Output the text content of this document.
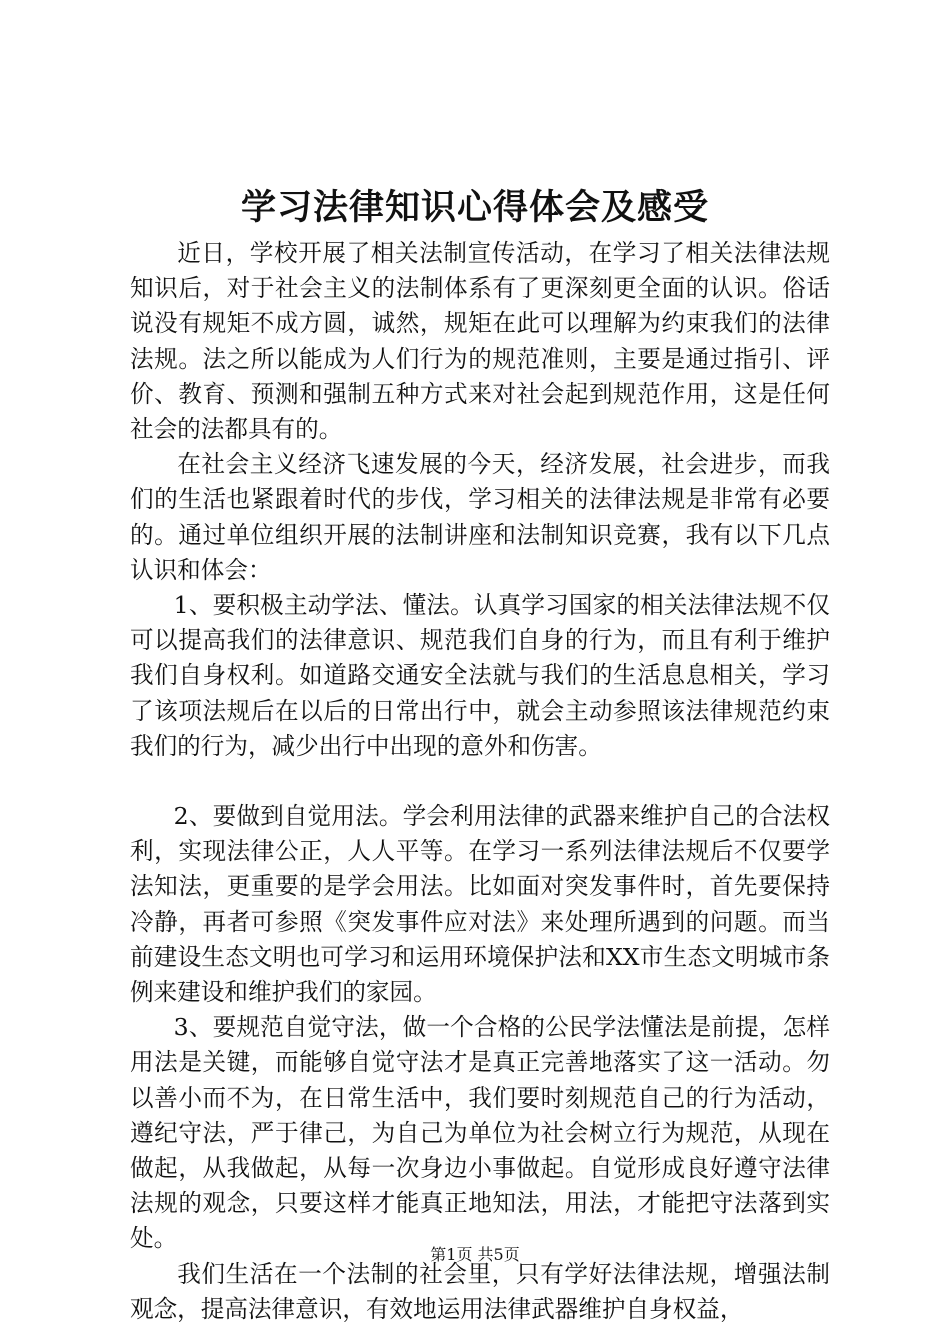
学习法律知识心得体会及感受

近日，学校开展了相关法制宣传活动，在学习了相关法律法规知识后，对于社会主义的法制体系有了更深刻更全面的认识。俗话说没有规矩不成方圆，诚然，规矩在此可以理解为约束我们的法律法规。法之所以能成为人们行为的规范准则，主要是通过指引、评价、教育、预测和强制五种方式来对社会起到规范作用，这是任何社会的法都具有的。

在社会主义经济飞速发展的今天，经济发展，社会进步，而我们的生活也紧跟着时代的步伐，学习相关的法律法规是非常有必要的。通过单位组织开展的法制讲座和法制知识竞赛，我有以下几点认识和体会：

1、要积极主动学法、懂法。认真学习国家的相关法律法规不仅可以提高我们的法律意识、规范我们自身的行为，而且有利于维护我们自身权利。如道路交通安全法就与我们的生活息息相关，学习了该项法规后在以后的日常出行中，就会主动参照该法律规范约束我们的行为，减少出行中出现的意外和伤害。

2、要做到自觉用法。学会利用法律的武器来维护自己的合法权利，实现法律公正，人人平等。在学习一系列法律法规后不仅要学法知法，更重要的是学会用法。比如面对突发事件时，首先要保持冷静，再者可参照《突发事件应对法》来处理所遇到的问题。而当前建设生态文明也可学习和运用环境保护法和XX市生态文明城市条例来建设和维护我们的家园。

3、要规范自觉守法，做一个合格的公民学法懂法是前提，怎样用法是关键，而能够自觉守法才是真正完善地落实了这一活动。勿以善小而不为，在日常生活中，我们要时刻规范自己的行为活动，遵纪守法，严于律己，为自己为单位为社会树立行为规范，从现在做起，从我做起，从每一次身边小事做起。自觉形成良好遵守法律法规的观念，只要这样才能真正地知法，用法，才能把守法落到实处。

我们生活在一个法制的社会里，只有学好法律法规，增强法制观念，提高法律意识，有效地运用法律武器维护自身权益，

第1页 共5页
